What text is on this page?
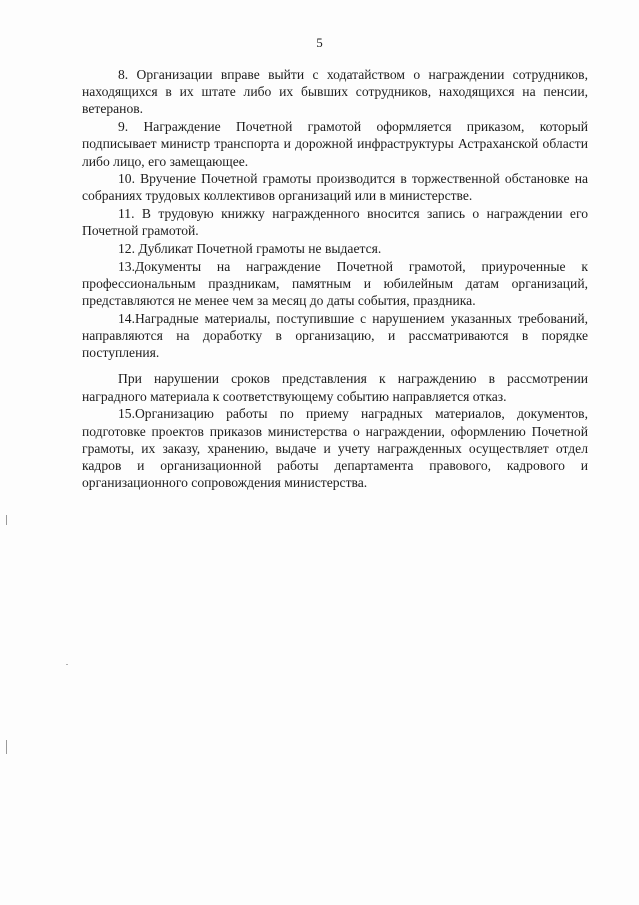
5

8. Организации вправе выйти с ходатайством о награждении сотрудников, находящихся в их штате либо их бывших сотрудников, находящихся на пенсии, ветеранов.

9. Награждение Почетной грамотой оформляется приказом, который подписывает министр транспорта и дорожной инфраструктуры Астраханской области либо лицо, его замещающее.

10. Вручение Почетной грамоты производится в торжественной обстановке на собраниях трудовых коллективов организаций или в министерстве.

11. В трудовую книжку награжденного вносится запись о награждении его Почетной грамотой.

12. Дубликат Почетной грамоты не выдается.

13.Документы на награждение Почетной грамотой, приуроченные к профессиональным праздникам, памятным и юбилейным датам организаций, представляются не менее чем за месяц до даты события, праздника.

14.Наградные материалы, поступившие с нарушением указанных требований, направляются на доработку в организацию, и рассматриваются в порядке поступления.

При нарушении сроков представления к награждению в рассмотрении наградного материала к соответствующему событию направляется отказ.

15.Организацию работы по приему наградных материалов, документов, подготовке проектов приказов министерства о награждении, оформлению Почетной грамоты, их заказу, хранению, выдаче и учету награжденных осуществляет отдел кадров и организационной работы департамента правового, кадрового и организационного сопровождения министерства.
